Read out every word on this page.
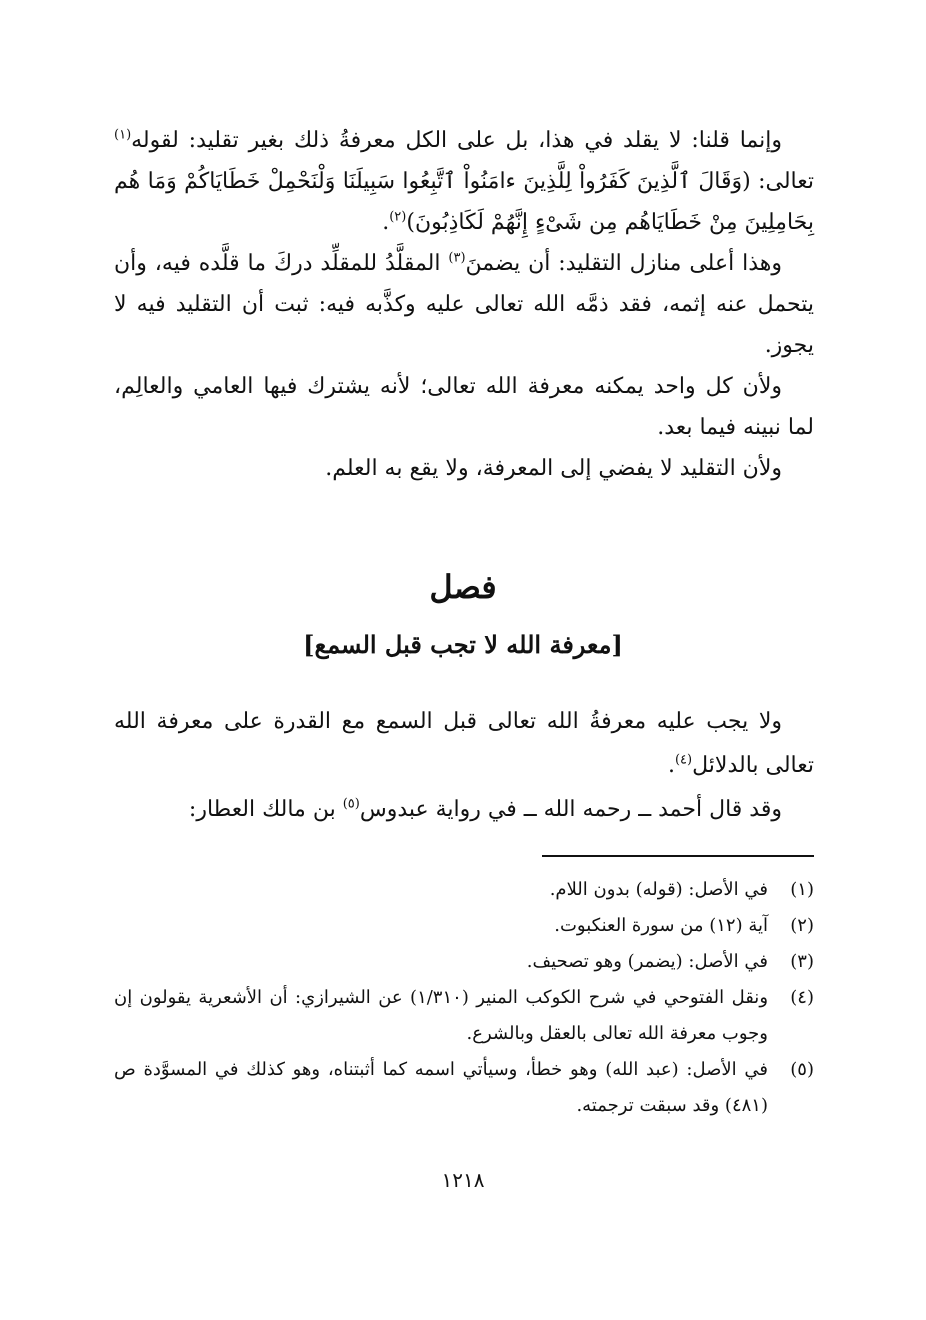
وإنما قلنا: لا يقلد في هذا، بل على الكل معرفةُ ذلك بغير تقليد: لقوله$^{(١)}$ تعالى: (وَقَالَ ٱلَّذِينَ كَفَرُواْ لِلَّذِينَ ءامَنُواْ ٱتَّبِعُوا سَبِيلَنَا وَلْنَحْمِلْ خَطَايَاكُمْ وَمَا هُم بِحَامِلِينَ مِنْ خَطَايَاهُم مِن شَىْءٍ إِنَّهُمْ لَكَاذِبُونَ)$^{(٢)}$.

وهذا أعلى منازل التقليد: أن يضمنَ$^{(٣)}$ المقلَّدُ للمقلِّد دركَ ما قلَّده فيه، وأن يتحمل عنه إثمه، فقد ذمَّه الله تعالى عليه وكذَّبه فيه: ثبت أن التقليد فيه لا يجوز.

ولأن كل واحد يمكنه معرفة الله تعالى؛ لأنه يشترك فيها العامي والعالِم، لما نبينه فيما بعد.

ولأن التقليد لا يفضي إلى المعرفة، ولا يقع به العلم.

فصل
[معرفة الله لا تجب قبل السمع]

ولا يجب عليه معرفةُ الله تعالى قبل السمع مع القدرة على معرفة الله تعالى بالدلائل$^{(٤)}$.

وقد قال أحمد ــ رحمه الله ــ في رواية عبدوس$^{(٥)}$ بن مالك العطار:

(١)
في الأصل: (قوله) بدون اللام.
(٢)
آية (١٢) من سورة العنكبوت.
(٣)
في الأصل: (يضمر) وهو تصحيف.
(٤)
ونقل الفتوحي في شرح الكوكب المنير (١/٣١٠) عن الشيرازي: أن الأشعرية يقولون إن وجوب معرفة الله تعالى بالعقل وبالشرع.
(٥)
في الأصل: (عبد الله) وهو خطأ، وسيأتي اسمه كما أثبتناه، وهو كذلك في المسوَّدة ص (٤٨١) وقد سبقت ترجمته.
١٢١٨
